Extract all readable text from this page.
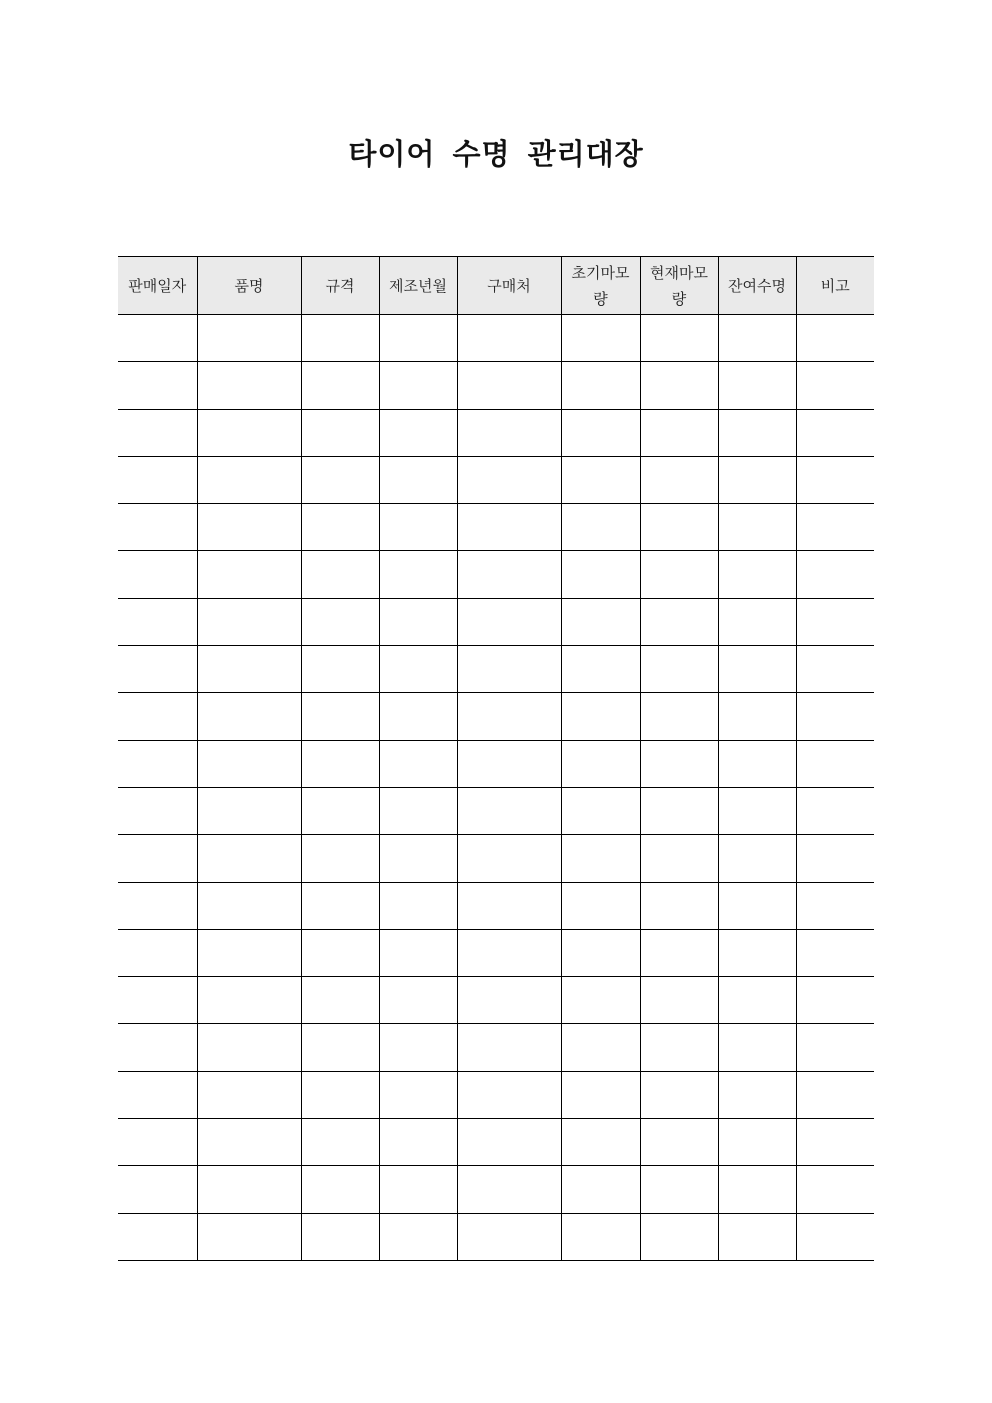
타이어 수명 관리대장
판매일자	품명	규격	제조년월	구매처	초기마모량	현재마모량	잔여수명	비고
